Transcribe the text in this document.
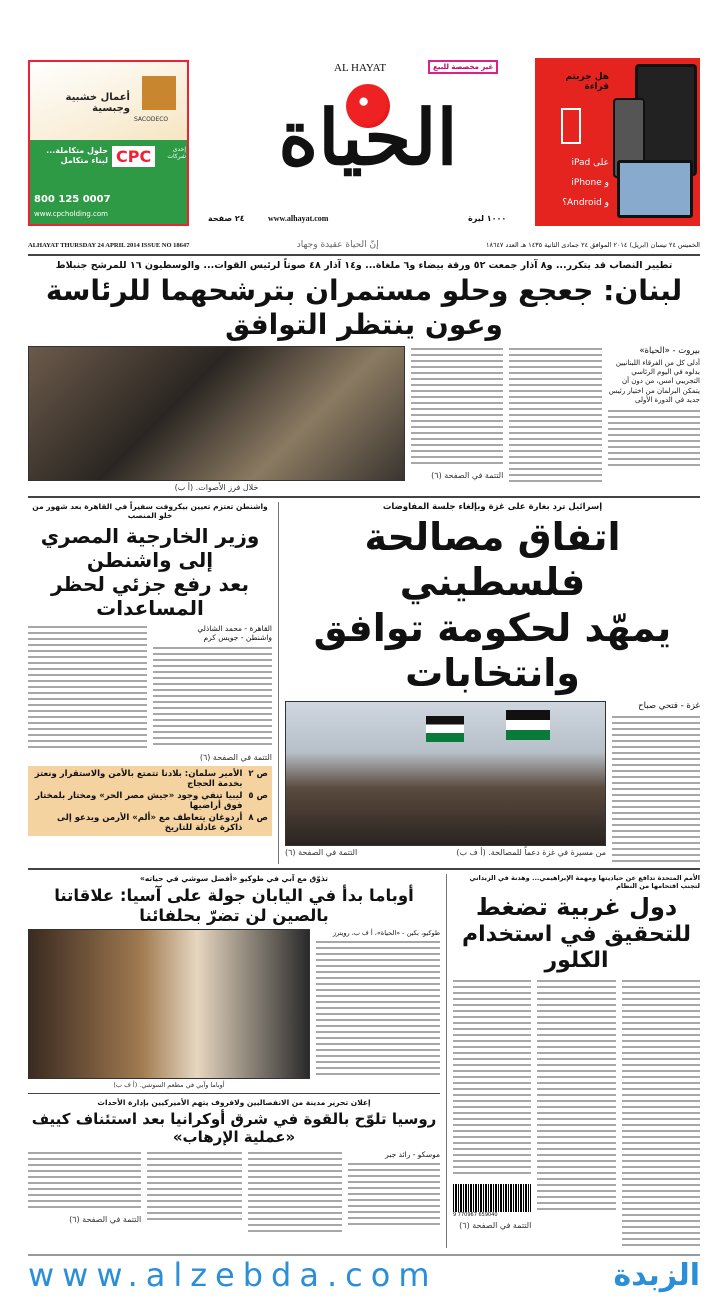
SACODECO
أعمال خشبية وجبسية
CPC	إحدى شركات
حلول متكاملة... لبناء متكامل
800 125 0007
www.cpcholding.com
AL HAYAT	غير مخصصة للبيع
الحياة
١٠٠٠ ليرة
www.alhayat.com
٢٤ صفحة
هل جربتم قراءة
على iPad
و iPhone
و Android؟
ALHAYAT THURSDAY 24 APRIL 2014 ISSUE NO 18647	إنّ الحياة عقيدة وجهاد	الخميس ٢٤ نيسان (ابريل) ٢٠١٤ الموافق ٢٤ جمادى الثانية ١٤٣٥ هـ العدد ١٨٦٤٧
تطيير النصاب قد يتكرر... و٨ آذار جمعت ٥٢ ورقة بيضاء و٦ ملغاة... و١٤ آذار ٤٨ صوتاً لرئيس القوات... والوسطيون ١٦ للمرشح جنبلاط
لبنان: جعجع وحلو مستمران بترشحهما للرئاسة وعون ينتظر التوافق
خلال فرز الأصوات. (أ ب)
بيروت - «الحياة»
أدلى كل من الفرقاء اللبنانيين بدلوه في اليوم الرئاسي التجريبي امس، من دون أن يتمكن البرلمان من اختيار رئيس جديد في الدورة الأولى
التتمة في الصفحة (٦)
واشنطن تعتزم تعيين بيكروفت سفيراً في القاهرة بعد شهور من خلو المنصب
وزير الخارجية المصري إلى واشنطن
بعد رفع جزئي لحظر المساعدات
القاهرة - محمد الشاذلي
واشنطن - جويس كرم
التتمة في الصفحة (٦)
الأمير سلمان: بلادنا تتمتع بالأمن والاستقرار ونعتز بخدمة الحجاج
ص ٢
ليبيا تنفي وجود «جيش مصر الحر» ومختار بلمختار فوق أراضيها
ص ٥
أردوغان يتعاطف مع «ألم» الأرمن ويدعو إلى ذاكرة عادلة للتاريخ
ص ٨
إسرائيل ترد بغارة على غزة وبإلغاء جلسة المفاوضات
اتفاق مصالحة فلسطيني
يمهّد لحكومة توافق وانتخابات
غزة - فتحي صباح
التتمة في الصفحة (٦)	من مسيرة في غزة دعماً للمصالحة. (أ ف ب)
تذوّق مع آبي في طوكيو «أفضل سوشي في حياته»
أوباما بدأ في اليابان جولة على آسيا: علاقاتنا بالصين لن تضرّ بحلفائنا
أوباما وآبي في مطعم السوشي. (أ ف ب)
طوكيو، بكين - «الحياة»، أ ف ب، رويترز
إعلان تحرير مدينة من الانفصاليين ولافروف يتهم الأميركيين بإدارة الأحداث
روسيا تلوّح بالقوة في شرق أوكرانيا بعد استئناف كييف «عملية الإرهاب»
موسكو - رائد جبر
التتمة في الصفحة (٦)
الأمم المتحدة تدافع عن حياديتها ومهمة الإبراهيمي... وهدنة في الزبداني لتجنب اقتحامها من النظام
دول غربية تضغط
للتحقيق في استخدام الكلور
9 770967 659040
التتمة في الصفحة (٦)
www.alzebda.com	الزبدة
